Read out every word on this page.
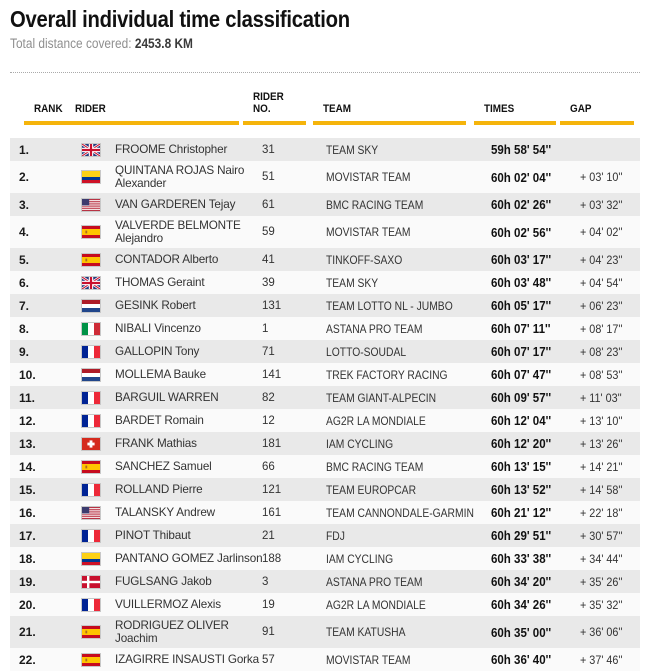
Overall individual time classification
Total distance covered: 2453.8 KM
RANK	RIDER
RIDER NO.	TEAM	TIMES	GAP
1.	FROOME Christopher	31	TEAM SKY	59h 58' 54''
2.	QUINTANA ROJAS Nairo
Alexander	51	MOVISTAR TEAM	60h 02' 04''	+ 03' 10''
3.	VAN GARDEREN Tejay	61	BMC RACING TEAM	60h 02' 26''	+ 03' 32''
4.	VALVERDE BELMONTE
Alejandro	59	MOVISTAR TEAM	60h 02' 56''	+ 04' 02''
5.	CONTADOR Alberto	41	TINKOFF-SAXO	60h 03' 17''	+ 04' 23''
6.	THOMAS Geraint	39	TEAM SKY	60h 03' 48''	+ 04' 54''
7.	GESINK Robert	131	TEAM LOTTO NL - JUMBO	60h 05' 17''	+ 06' 23''
8.	NIBALI Vincenzo	1	ASTANA PRO TEAM	60h 07' 11''	+ 08' 17''
9.	GALLOPIN Tony	71	LOTTO-SOUDAL	60h 07' 17''	+ 08' 23''
10.	MOLLEMA Bauke	141	TREK FACTORY RACING	60h 07' 47''	+ 08' 53''
11.	BARGUIL WARREN	82	TEAM GIANT-ALPECIN	60h 09' 57''	+ 11' 03''
12.	BARDET Romain	12	AG2R LA MONDIALE	60h 12' 04''	+ 13' 10''
13.	FRANK Mathias	181	IAM CYCLING	60h 12' 20''	+ 13' 26''
14.	SANCHEZ Samuel	66	BMC RACING TEAM	60h 13' 15''	+ 14' 21''
15.	ROLLAND Pierre	121	TEAM EUROPCAR	60h 13' 52''	+ 14' 58''
16.	TALANSKY Andrew	161	TEAM CANNONDALE-GARMIN	60h 21' 12''	+ 22' 18''
17.	PINOT Thibaut	21	FDJ	60h 29' 51''	+ 30' 57''
18.	PANTANO GOMEZ Jarlinson 188	IAM CYCLING	60h 33' 38''	+ 34' 44''
19.	FUGLSANG Jakob	3	ASTANA PRO TEAM	60h 34' 20''	+ 35' 26''
20.	VUILLERMOZ Alexis	19	AG2R LA MONDIALE	60h 34' 26''	+ 35' 32''
21.	RODRIGUEZ OLIVER
Joachim	91	TEAM KATUSHA	60h 35' 00''	+ 36' 06''
22.	IZAGIRRE INSAUSTI Gorka 57	MOVISTAR TEAM	60h 36' 40''	+ 37' 46''
